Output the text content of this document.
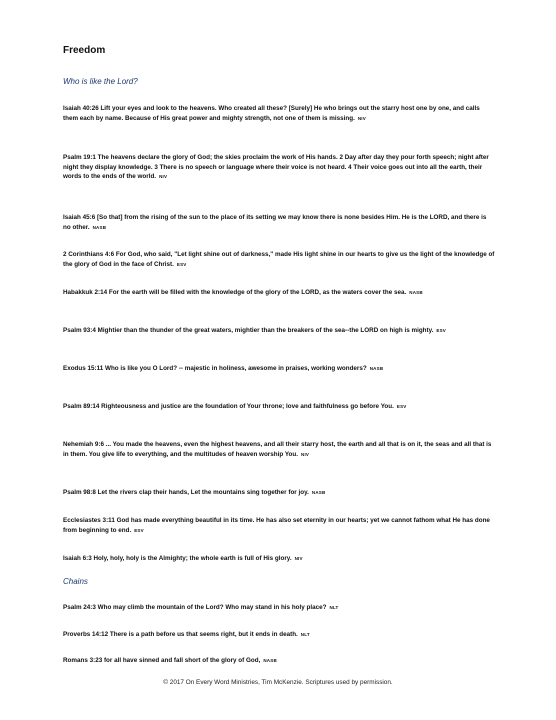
Freedom
Who is like the Lord?
Isaiah 40:26 Lift your eyes and look to the heavens. Who created all these? [Surely] He who brings out the starry host one by one, and calls them each by name. Because of His great power and mighty strength, not one of them is missing. NIV
Psalm 19:1 The heavens declare the glory of God; the skies proclaim the work of His hands. 2 Day after day they pour forth speech; night after night they display knowledge. 3 There is no speech or language where their voice is not heard. 4 Their voice goes out into all the earth, their words to the ends of the world. NIV
Isaiah 45:6 [So that] from the rising of the sun to the place of its setting we may know there is none besides Him. He is the LORD, and there is no other. NASB
2 Corinthians 4:6 For God, who said, "Let light shine out of darkness," made His light shine in our hearts to give us the light of the knowledge of the glory of God in the face of Christ. ESV
Habakkuk 2:14 For the earth will be filled with the knowledge of the glory of the LORD, as the waters cover the sea. NASB
Psalm 93:4 Mightier than the thunder of the great waters, mightier than the breakers of the sea--the LORD on high is mighty. ESV
Exodus 15:11 Who is like you O Lord? -- majestic in holiness, awesome in praises, working wonders? NASB
Psalm 89:14 Righteousness and justice are the foundation of Your throne; love and faithfulness go before You. ESV
Nehemiah 9:6 ... You made the heavens, even the highest heavens, and all their starry host, the earth and all that is on it, the seas and all that is in them. You give life to everything, and the multitudes of heaven worship You. NIV
Psalm 98:8 Let the rivers clap their hands, Let the mountains sing together for joy. NASB
Ecclesiastes 3:11 God has made everything beautiful in its time. He has also set eternity in our hearts; yet we cannot fathom what He has done from beginning to end. ESV
Isaiah 6:3 Holy, holy, holy is the Almighty; the whole earth is full of His glory. NIV
Chains
Psalm 24:3 Who may climb the mountain of the Lord? Who may stand in his holy place? NLT
Proverbs 14:12 There is a path before us that seems right, but it ends in death. NLT
Romans 3:23 for all have sinned and fall short of the glory of God, NASB
© 2017 On Every Word Ministries, Tim McKenzie. Scriptures used by permission.
